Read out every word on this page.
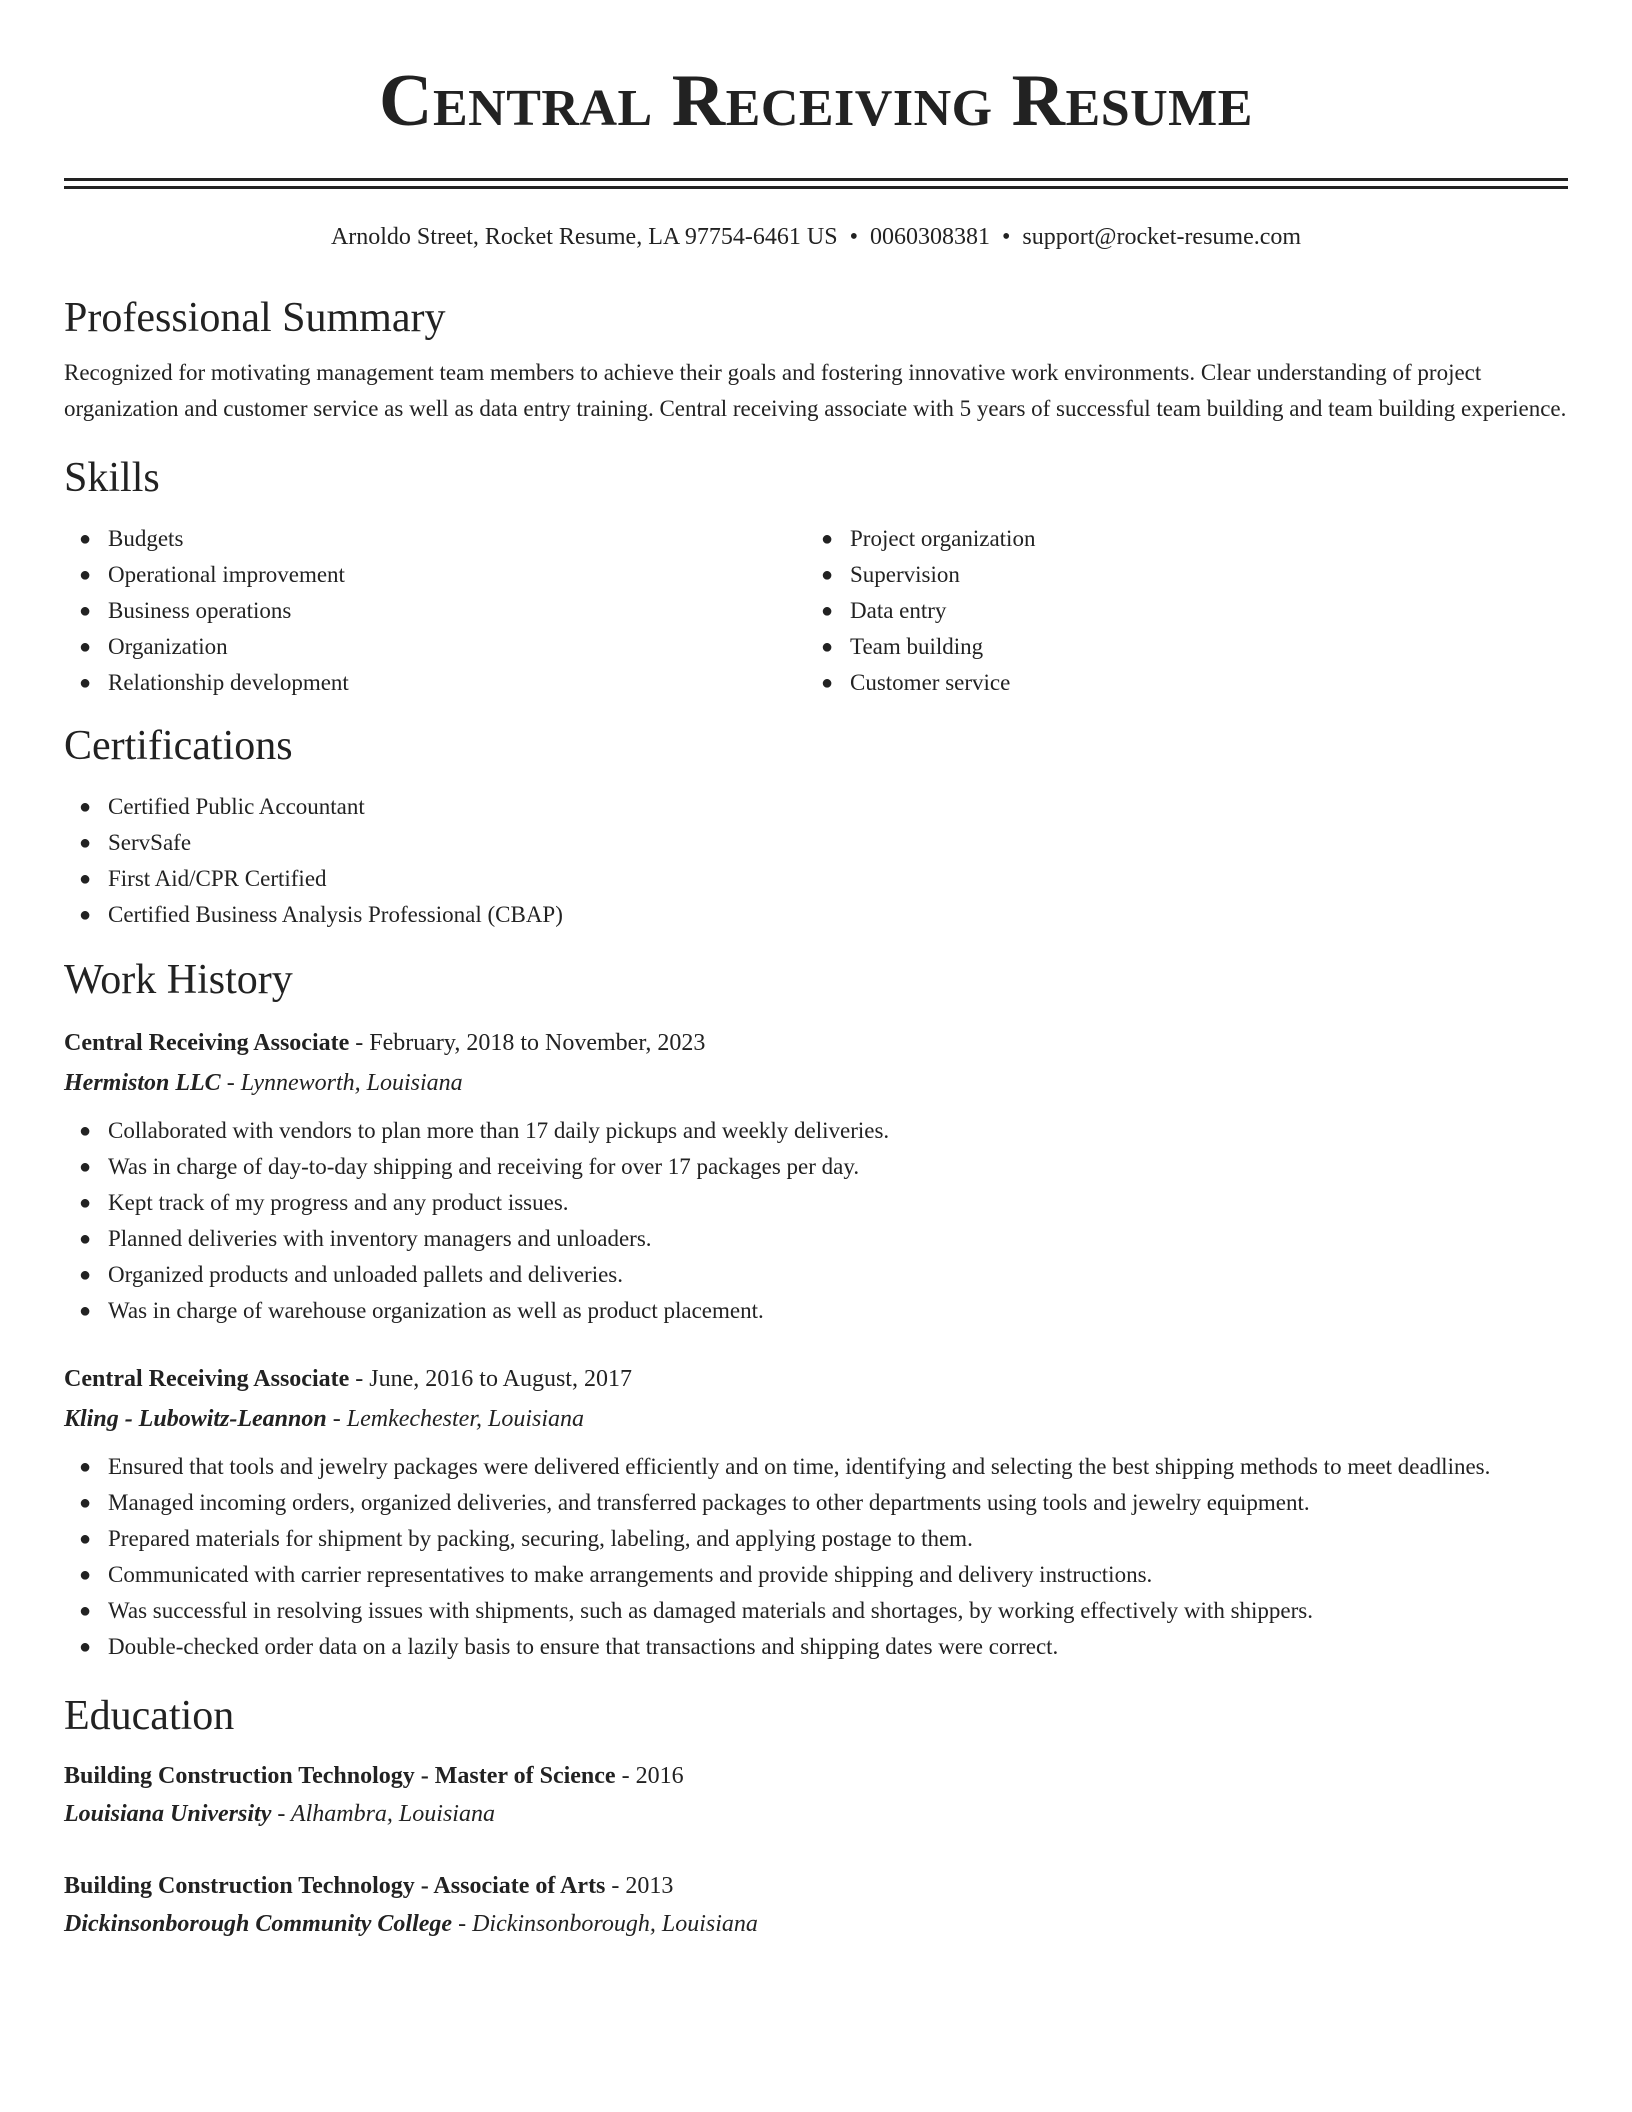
Central Receiving Resume
Arnoldo Street, Rocket Resume, LA 97754-6461 US • 0060308381 • support@rocket-resume.com
Professional Summary

Recognized for motivating management team members to achieve their goals and fostering innovative work environments. Clear understanding of project organization and customer service as well as data entry training. Central receiving associate with 5 years of successful team building and team building experience.

Skills
● Budgets
● Operational improvement
● Business operations
● Organization
● Relationship development
● Project organization
● Supervision
● Data entry
● Team building
● Customer service
Certifications
● Certified Public Accountant
● ServSafe
● First Aid/CPR Certified
● Certified Business Analysis Professional (CBAP)
Work History
Central Receiving Associate - February, 2018 to November, 2023
Hermiston LLC - Lynneworth, Louisiana
● Collaborated with vendors to plan more than 17 daily pickups and weekly deliveries.
● Was in charge of day-to-day shipping and receiving for over 17 packages per day.
● Kept track of my progress and any product issues.
● Planned deliveries with inventory managers and unloaders.
● Organized products and unloaded pallets and deliveries.
● Was in charge of warehouse organization as well as product placement.
Central Receiving Associate - June, 2016 to August, 2017
Kling - Lubowitz-Leannon - Lemkechester, Louisiana
● Ensured that tools and jewelry packages were delivered efficiently and on time, identifying and selecting the best shipping methods to meet deadlines.
● Managed incoming orders, organized deliveries, and transferred packages to other departments using tools and jewelry equipment.
● Prepared materials for shipment by packing, securing, labeling, and applying postage to them.
● Communicated with carrier representatives to make arrangements and provide shipping and delivery instructions.
● Was successful in resolving issues with shipments, such as damaged materials and shortages, by working effectively with shippers.
● Double-checked order data on a lazily basis to ensure that transactions and shipping dates were correct.
Education
Building Construction Technology - Master of Science - 2016
Louisiana University - Alhambra, Louisiana
Building Construction Technology - Associate of Arts - 2013
Dickinsonborough Community College - Dickinsonborough, Louisiana
